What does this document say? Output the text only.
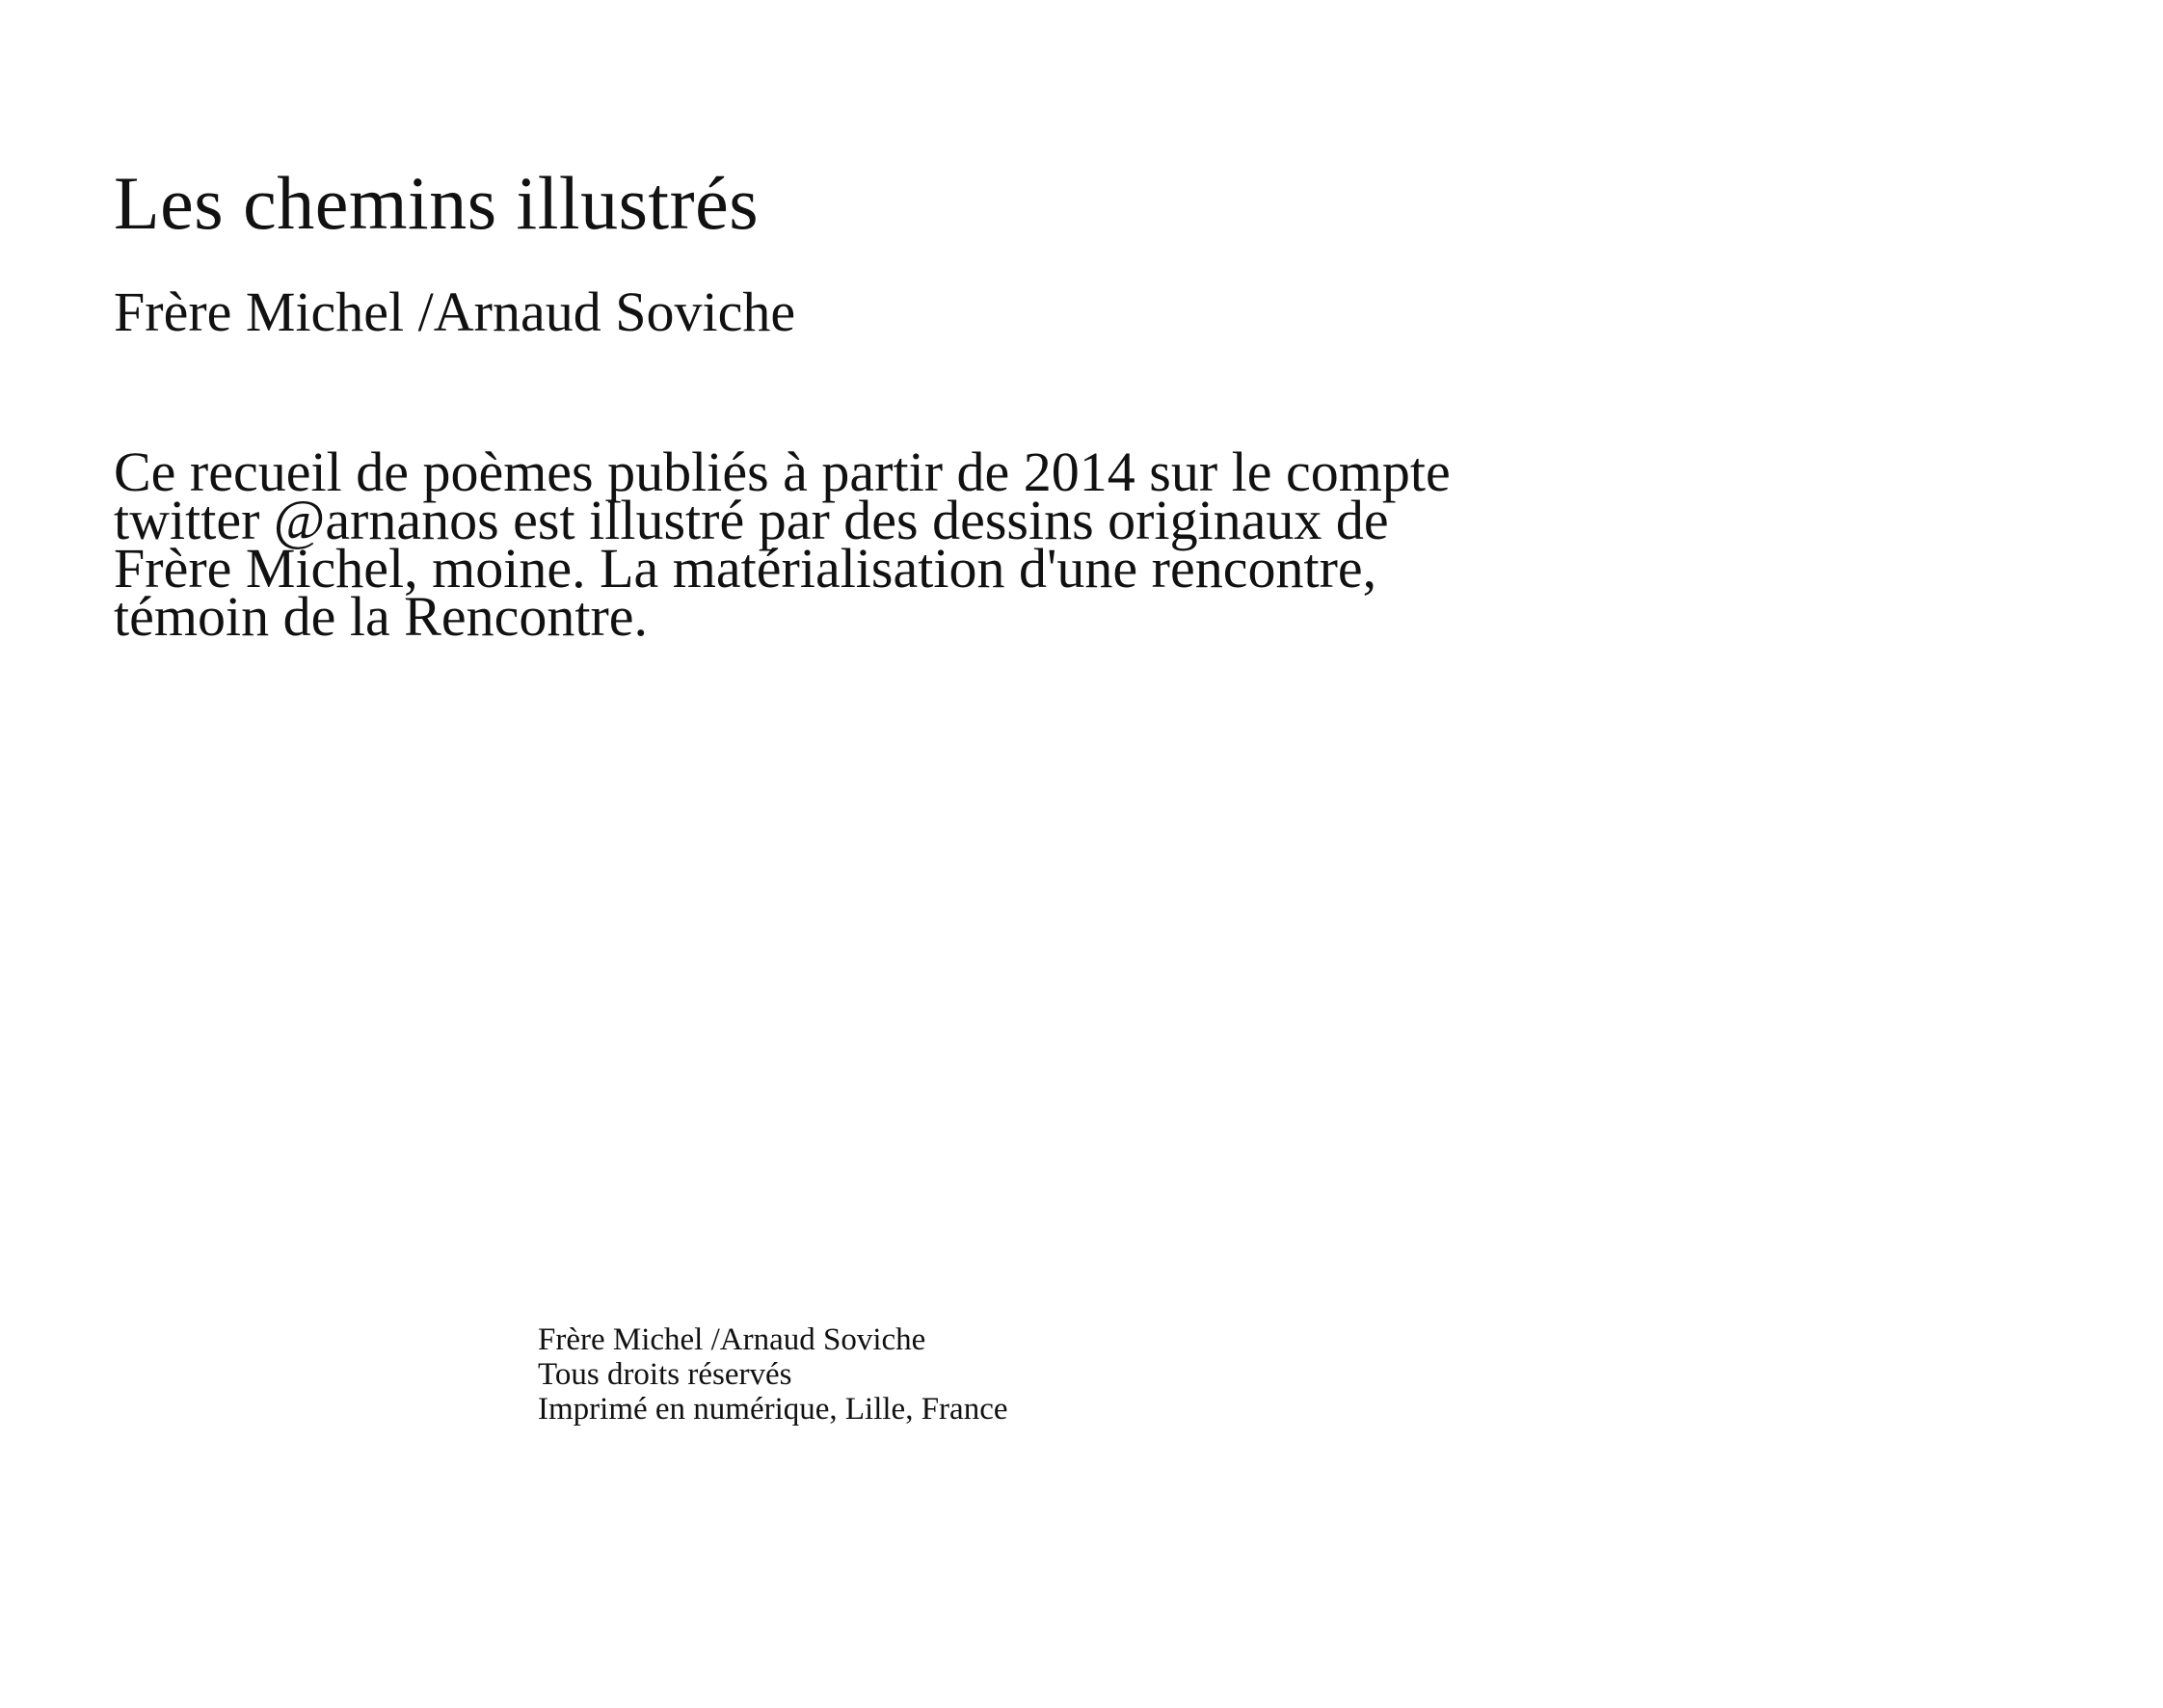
Les chemins illustrés
Frère Michel /Arnaud Soviche

Ce recueil de poèmes publiés à partir de 2014 sur le compte
twitter @arnanos est illustré par des dessins originaux de
Frère Michel, moine. La matérialisation d'une rencontre,
témoin de la Rencontre.

Frère Michel /Arnaud Soviche
Tous droits réservés
Imprimé en numérique, Lille, France
